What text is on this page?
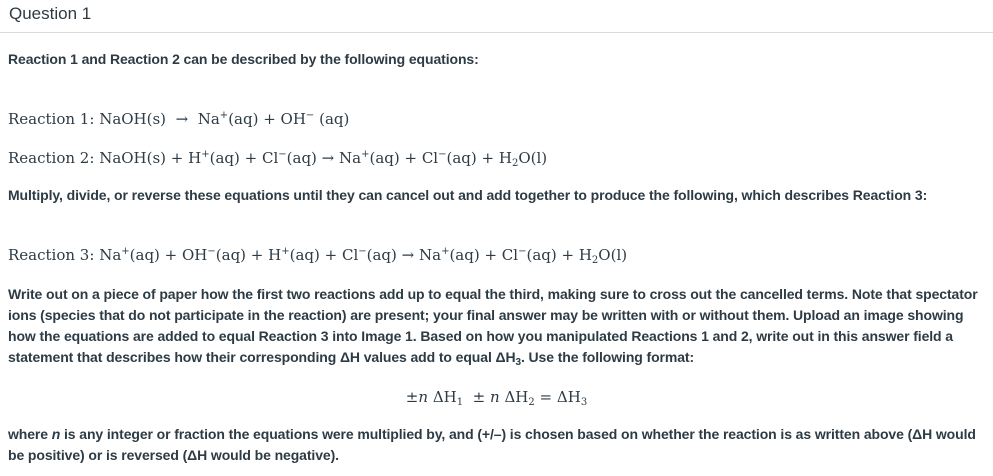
Question 1
Reaction 1 and Reaction 2 can be described by the following equations:
Reaction 1: NaOH(s) → Na+(aq) + OH− (aq)
Reaction 2: NaOH(s) + $H^+(aq) + Cl^-(aq) \to Na^+(aq) + Cl^-(aq) + H_2O(l)$
Multiply, divide, or reverse these equations until they can cancel out and add together to produce the following, which describes Reaction 3:
Reaction 3: $Na^+(aq) + OH^-(aq) + H^+(aq) + Cl^-(aq) \to Na^+(aq) + Cl^-(aq) + H_2O(l)$
Write out on a piece of paper how the first two reactions add up to equal the third, making sure to cross out the cancelled terms. Note that spectator ions (species that do not participate in the reaction) are present; your final answer may be written with or without them. Upload an image showing how the equations are added to equal Reaction 3 into Image 1. Based on how you manipulated Reactions 1 and 2, write out in this answer field a statement that describes how their corresponding ΔH values add to equal $\Delta H_3$. Use the following format:
±n $\Delta H_1 \pm n$ $\Delta H_2 = \Delta H_3$
where n is any integer or fraction the equations were multiplied by, and (+/–) is chosen based on whether the reaction is as written above (ΔH would be positive) or is reversed (ΔH would be negative).
